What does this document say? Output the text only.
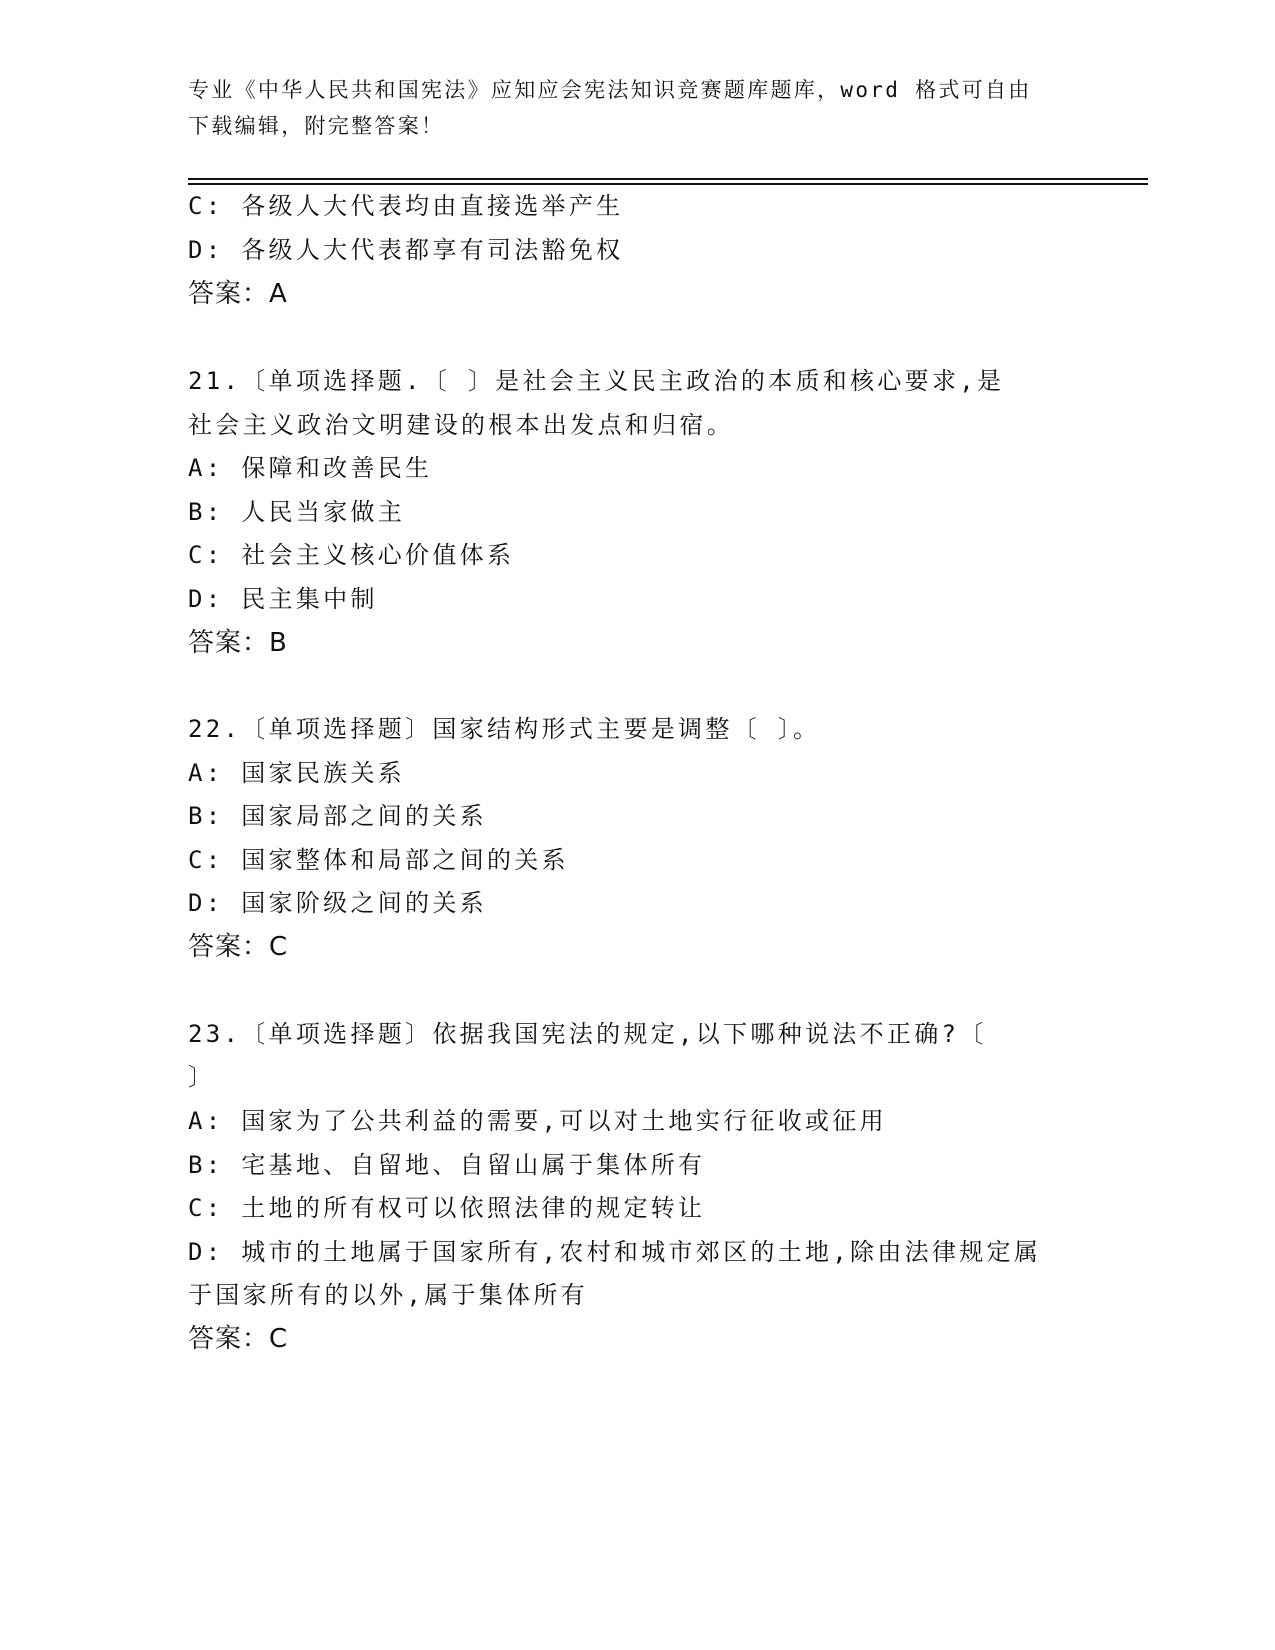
专业《中华人民共和国宪法》应知应会宪法知识竞赛题库题库，word 格式可自由
下载编辑，附完整答案！
C: 各级人大代表均由直接选举产生
D: 各级人大代表都享有司法豁免权
答案：A
21.〔单项选择题.〔 〕是社会主义民主政治的本质和核心要求,是
社会主义政治文明建设的根本出发点和归宿。
A: 保障和改善民生
B: 人民当家做主
C: 社会主义核心价值体系
D: 民主集中制
答案：B
22.〔单项选择题〕国家结构形式主要是调整〔 〕。
A: 国家民族关系
B: 国家局部之间的关系
C: 国家整体和局部之间的关系
D: 国家阶级之间的关系
答案：C
23.〔单项选择题〕依据我国宪法的规定,以下哪种说法不正确?〔
〕
A: 国家为了公共利益的需要,可以对土地实行征收或征用
B: 宅基地、自留地、自留山属于集体所有
C: 土地的所有权可以依照法律的规定转让
D: 城市的土地属于国家所有,农村和城市郊区的土地,除由法律规定属
于国家所有的以外,属于集体所有
答案：C
